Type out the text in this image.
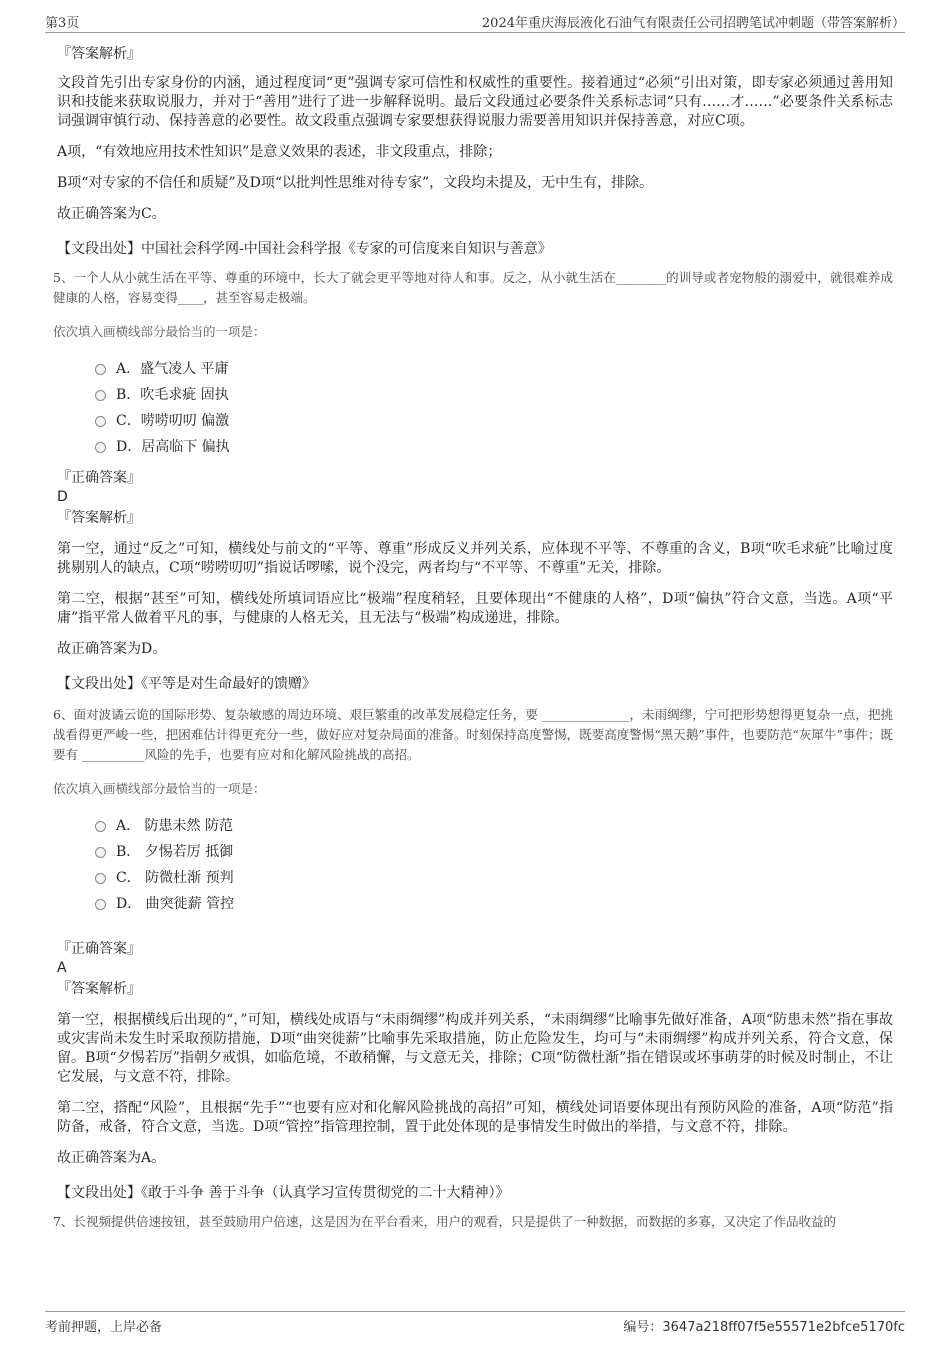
第3页	2024年重庆海辰液化石油气有限责任公司招聘笔试冲刺题（带答案解析）
『答案解析』

文段首先引出专家身份的内涵，通过程度词“更”强调专家可信性和权威性的重要性。接着通过“必须”引出对策，即专家必须通过善用知识和技能来获取说服力，并对于“善用”进行了进一步解释说明。最后文段通过必要条件关系标志词“只有……才……”必要条件关系标志词强调审慎行动、保持善意的必要性。故文段重点强调专家要想获得说服力需要善用知识并保持善意，对应C项。

A项，“有效地应用技术性知识”是意义效果的表述，非文段重点，排除；

B项“对专家的不信任和质疑”及D项“以批判性思维对待专家”，文段均未提及，无中生有，排除。

故正确答案为C。

【文段出处】中国社会科学网-中国社会科学报《专家的可信度来自知识与善意》

5、一个人从小就生活在平等、尊重的环境中，长大了就会更平等地对待人和事。反之，从小就生活在________的训导或者宠物般的溺爱中，就很难养成健康的人格，容易变得____，甚至容易走极端。

依次填入画横线部分最恰当的一项是：

A．盛气凌人 平庸
B．吹毛求疵 固执
C．唠唠叨叨 偏激
D．居高临下 偏执
『正确答案』

D

『答案解析』

第一空，通过“反之”可知，横线处与前文的“平等、尊重”形成反义并列关系，应体现不平等、不尊重的含义，B项“吹毛求疵”比喻过度挑剔别人的缺点，C项“唠唠叨叨”指说话啰嗦，说个没完，两者均与“不平等、不尊重”无关，排除。

第二空，根据“甚至”可知，横线处所填词语应比“极端”程度稍轻，且要体现出“不健康的人格”，D项“偏执”符合文意，当选。A项“平庸”指平常人做着平凡的事，与健康的人格无关，且无法与“极端”构成递进，排除。

故正确答案为D。

【文段出处】《平等是对生命最好的馈赠》

6、面对波谲云诡的国际形势、复杂敏感的周边环境、艰巨繁重的改革发展稳定任务，要 ______________，未雨绸缪，宁可把形势想得更复杂一点，把挑战看得更严峻一些，把困难估计得更充分一些，做好应对复杂局面的准备。时刻保持高度警惕，既要高度警惕“黑天鹅”事件，也要防范“灰犀牛”事件；既要有 __________风险的先手，也要有应对和化解风险挑战的高招。

依次填入画横线部分最恰当的一项是：

A． 防患未然 防范
B． 夕惕若厉 抵御
C． 防微杜渐 预判
D． 曲突徙薪 管控
『正确答案』

A

『答案解析』

第一空，根据横线后出现的“，”可知，横线处成语与“未雨绸缪”构成并列关系，“未雨绸缪”比喻事先做好准备，A项“防患未然”指在事故或灾害尚未发生时采取预防措施，D项“曲突徙薪”比喻事先采取措施，防止危险发生，均可与“未雨绸缪”构成并列关系，符合文意，保留。B项“夕惕若厉”指朝夕戒惧，如临危境，不敢稍懈，与文意无关，排除；C项“防微杜渐”指在错误或坏事萌芽的时候及时制止，不让它发展，与文意不符，排除。

第二空，搭配“风险”，且根据“先手”“也要有应对和化解风险挑战的高招”可知，横线处词语要体现出有预防风险的准备，A项“防范”指防备，戒备，符合文意，当选。D项“管控”指管理控制，置于此处体现的是事情发生时做出的举措，与文意不符，排除。

故正确答案为A。

【文段出处】《敢于斗争 善于斗争（认真学习宣传贯彻党的二十大精神）》

7、长视频提供倍速按钮，甚至鼓励用户倍速，这是因为在平台看来，用户的观看，只是提供了一种数据，而数据的多寡，又决定了作品收益的

考前押题，上岸必备	编号：3647a218ff07f5e55571e2bfce5170fc
